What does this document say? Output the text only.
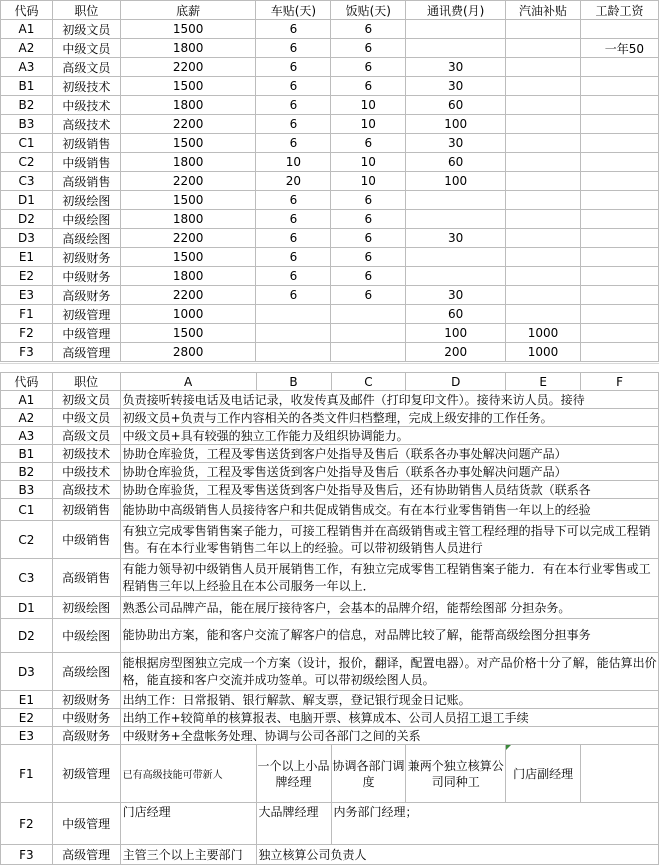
代码	职位	底薪	车贴(天)	饭贴(天)	通讯费(月)	汽油补贴	工龄工资
A1	初级文员	1500	6	6			
A2	中级文员	1800	6	6			一年50
A3	高级文员	2200	6	6	30		
B1	初级技术	1500	6	6	30		
B2	中级技术	1800	6	10	60		
B3	高级技术	2200	6	10	100		
C1	初级销售	1500	6	6	30		
C2	中级销售	1800	10	10	60		
C3	高级销售	2200	20	10	100		
D1	初级绘图	1500	6	6			
D2	中级绘图	1800	6	6			
D3	高级绘图	2200	6	6	30		
E1	初级财务	1500	6	6			
E2	中级财务	1800	6	6			
E3	高级财务	2200	6	6	30		
F1	初级管理	1000			60		
F2	中级管理	1500			100	1000	
F3	高级管理	2800			200	1000	
代码	职位	A	B	C	D	E	F
A1	初级文员	负责接听转接电话及电话记录，收发传真及邮件（打印复印文件）。接待来访人员。接待					
A2	中级文员	初级文员+负责与工作内容相关的各类文件归档整理，完成上级安排的工作任务。					
A3	高级文员	中级文员+具有较强的独立工作能力及组织协调能力。					
B1	初级技术	协助仓库验货，工程及零售送货到客户处指导及售后（联系各办事处解决问题产品）					
B2	中级技术	协助仓库验货，工程及零售送货到客户处指导及售后（联系各办事处解决问题产品）					
B3	高级技术	协助仓库验货，工程及零售送货到客户处指导及售后，还有协助销售人员结货款（联系各					
C1	初级销售	能协助中高级销售人员接待客户和共促成销售成交。有在本行业零售销售一年以上的经验					
C2	中级销售	有独立完成零售销售案子能力，可接工程销售并在高级销售或主管工程经理的指导下可以完成工程销售。有在本行业零售销售二年以上的经验。可以带初级销售人员进行					
C3	高级销售	有能力领导初中级销售人员开展销售工作，有独立完成零售工程销售案子能力．有在本行业零售或工程销售三年以上经验且在本公司服务一年以上．					
D1	初级绘图	熟悉公司品牌产品，能在展厅接待客户，会基本的品牌介绍，能帮绘图部 分担杂务。					
D2	中级绘图	能协助出方案，能和客户交流了解客户的信息，对品牌比较了解，能帮高级绘图分担事务					
D3	高级绘图	能根据房型图独立完成一个方案（设计，报价，翻译，配置电器）。对产品价格十分了解，能估算出价格，能直接和客户交流并成功签单。可以带初级绘图人员。					
E1	初级财务	出纳工作：日常报销、银行解款、解支票，登记银行现金日记账。					
E2	中级财务	出纳工作+较简单的核算报表、电脑开票、核算成本、公司人员招工退工手续					
E3	高级财务	中级财务+全盘帐务处理、协调与公司各部门之间的关系					
F1	初级管理	已有高级技能可带新人	一个以上小品牌经理	协调各部门调度	兼两个独立核算公司同种工	门店副经理	

F2	中级管理	门店经理	大品牌经理	内务部门经理；			
F3	高级管理	主管三个以上主要部门	独立核算公司负责人				
